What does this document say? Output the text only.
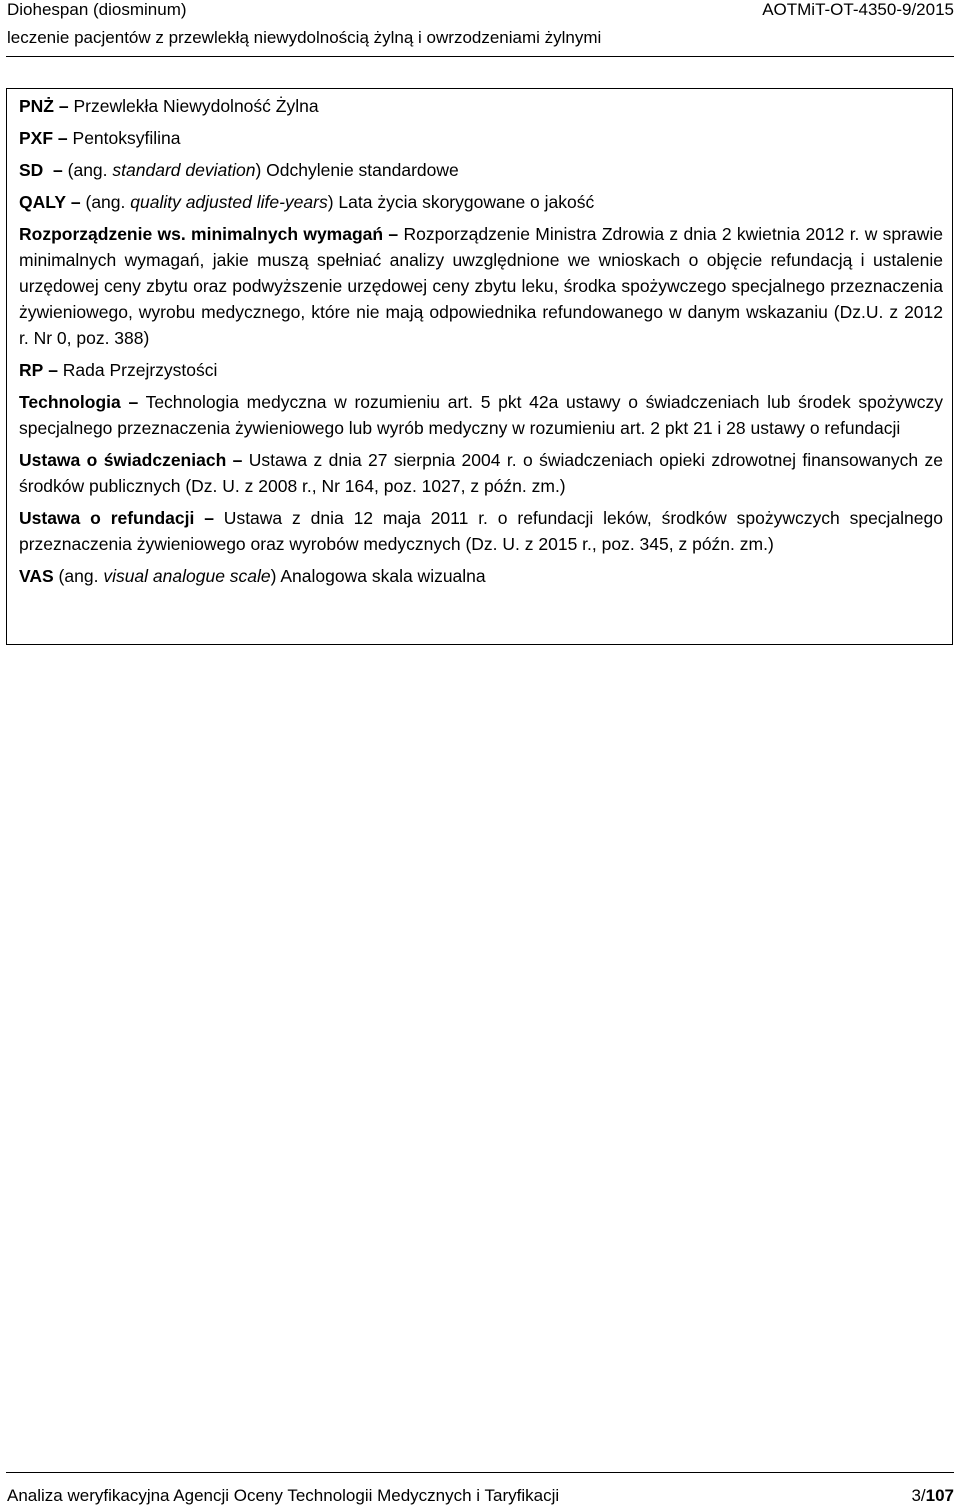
Diohespan (diosminum)
leczenie pacjentów z przewlekłą niewydolnością żylną i owrzodzeniami żylnymi
AOTMiT-OT-4350-9/2015

PNŻ – Przewlekła Niewydolność Żylna

PXF – Pentoksyfilina

SD – (ang. standard deviation) Odchylenie standardowe

QALY – (ang. quality adjusted life-years) Lata życia skorygowane o jakość

Rozporządzenie ws. minimalnych wymagań – Rozporządzenie Ministra Zdrowia z dnia 2 kwietnia 2012 r. w sprawie minimalnych wymagań, jakie muszą spełniać analizy uwzględnione we wnioskach o objęcie refundacją i ustalenie urzędowej ceny zbytu oraz podwyższenie urzędowej ceny zbytu leku, środka spożywczego specjalnego przeznaczenia żywieniowego, wyrobu medycznego, które nie mają odpowiednika refundowanego w danym wskazaniu (Dz.U. z 2012 r. Nr 0, poz. 388)

RP – Rada Przejrzystości

Technologia – Technologia medyczna w rozumieniu art. 5 pkt 42a ustawy o świadczeniach lub środek spożywczy specjalnego przeznaczenia żywieniowego lub wyrób medyczny w rozumieniu art. 2 pkt 21 i 28 ustawy o refundacji

Ustawa o świadczeniach – Ustawa z dnia 27 sierpnia 2004 r. o świadczeniach opieki zdrowotnej finansowanych ze środków publicznych (Dz. U. z 2008 r., Nr 164, poz. 1027, z późn. zm.)

Ustawa o refundacji – Ustawa z dnia 12 maja 2011 r. o refundacji leków, środków spożywczych specjalnego przeznaczenia żywieniowego oraz wyrobów medycznych (Dz. U. z 2015 r., poz. 345, z późn. zm.)

VAS (ang. visual analogue scale) Analogowa skala wizualna

Analiza weryfikacyjna Agencji Oceny Technologii Medycznych i Taryfikacji	3/107
